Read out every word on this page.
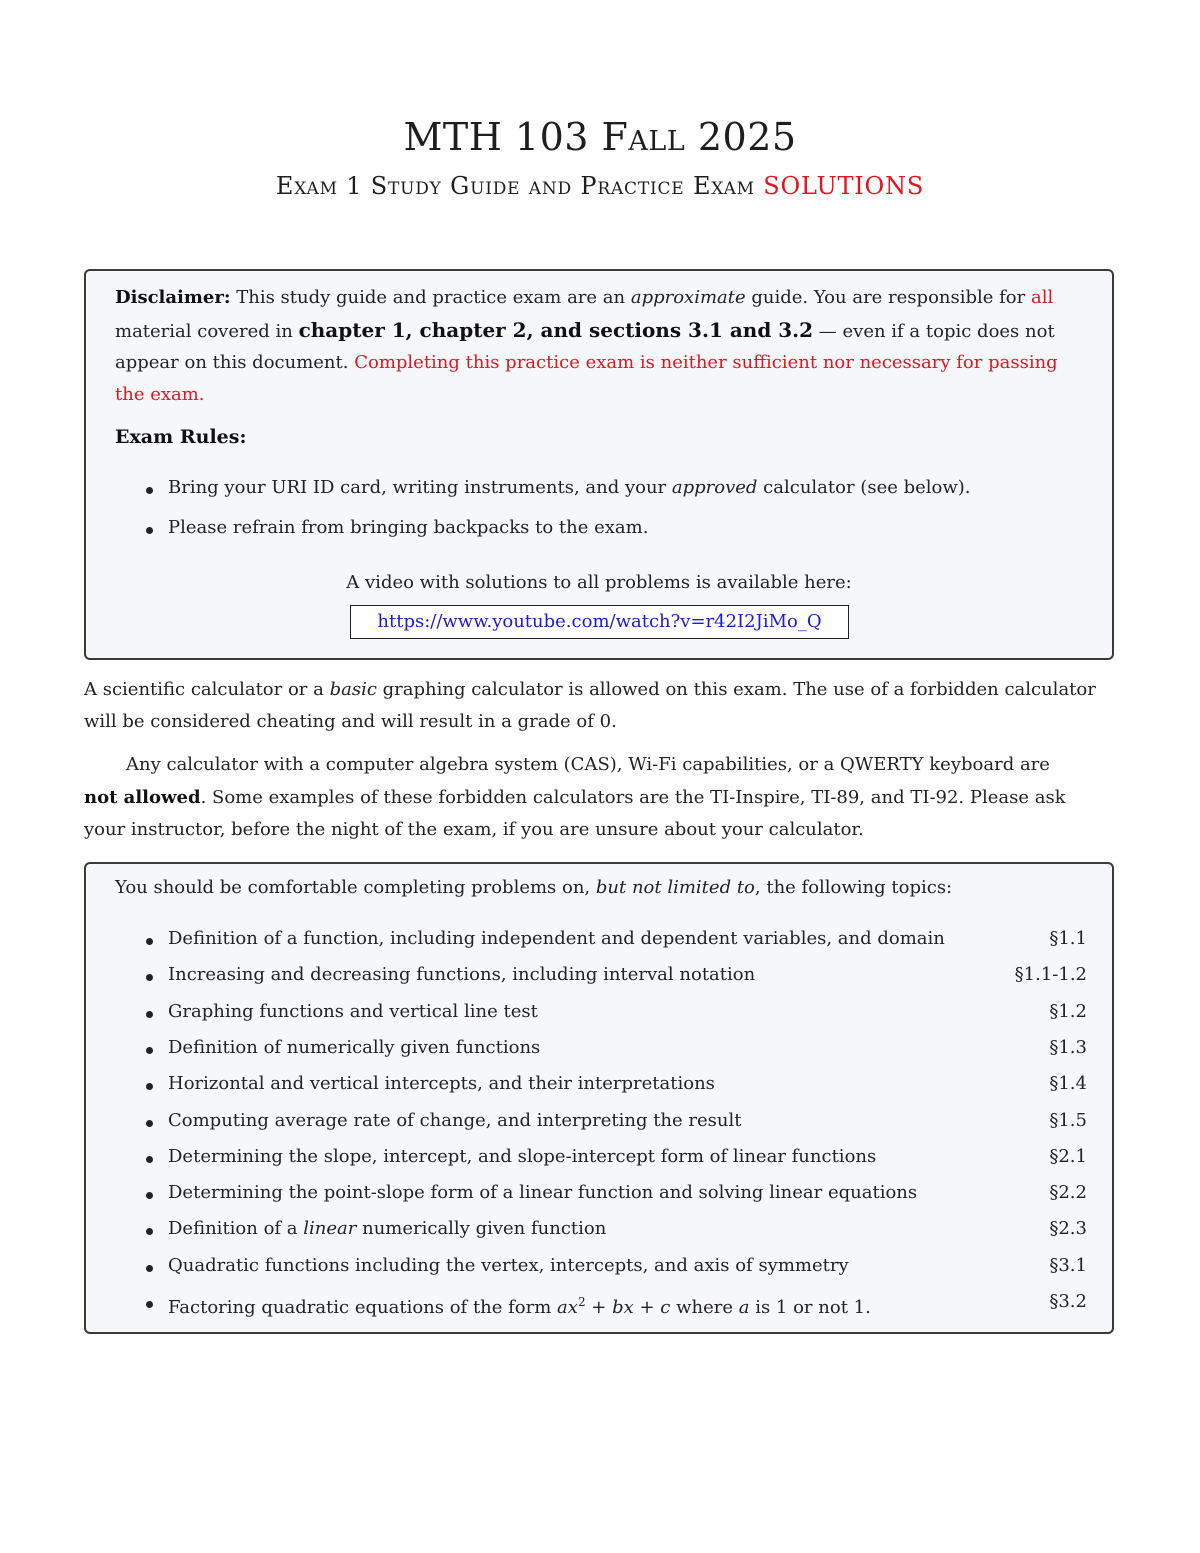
MTH 103 Fall 2025
Exam 1 Study Guide and Practice Exam SOLUTIONS
Disclaimer: This study guide and practice exam are an approximate guide. You are responsible for all
material covered in chapter 1, chapter 2, and sections 3.1 and 3.2 — even if a topic does not
appear on this document. Completing this practice exam is neither sufficient nor necessary for passing
the exam.
Exam Rules:
Bring your URI ID card, writing instruments, and your approved calculator (see below).
Please refrain from bringing backpacks to the exam.
A video with solutions to all problems is available here:
https://www.youtube.com/watch?v=r42I2JiMo_Q
A scientific calculator or a basic graphing calculator is allowed on this exam. The use of a forbidden calculator
will be considered cheating and will result in a grade of 0.
Any calculator with a computer algebra system (CAS), Wi-Fi capabilities, or a QWERTY keyboard are
not allowed. Some examples of these forbidden calculators are the TI-Inspire, TI-89, and TI-92. Please ask
your instructor, before the night of the exam, if you are unsure about your calculator.
You should be comfortable completing problems on, but not limited to, the following topics:
Definition of a function, including independent and dependent variables, and domain	§1.1
Increasing and decreasing functions, including interval notation	§1.1-1.2
Graphing functions and vertical line test	§1.2
Definition of numerically given functions	§1.3
Horizontal and vertical intercepts, and their interpretations	§1.4
Computing average rate of change, and interpreting the result	§1.5
Determining the slope, intercept, and slope-intercept form of linear functions	§2.1
Determining the point-slope form of a linear function and solving linear equations	§2.2
Definition of a linear numerically given function	§2.3
Quadratic functions including the vertex, intercepts, and axis of symmetry	§3.1
Factoring quadratic equations of the form $ax^2$ + bx + c where a is 1 or not 1.	§3.2
